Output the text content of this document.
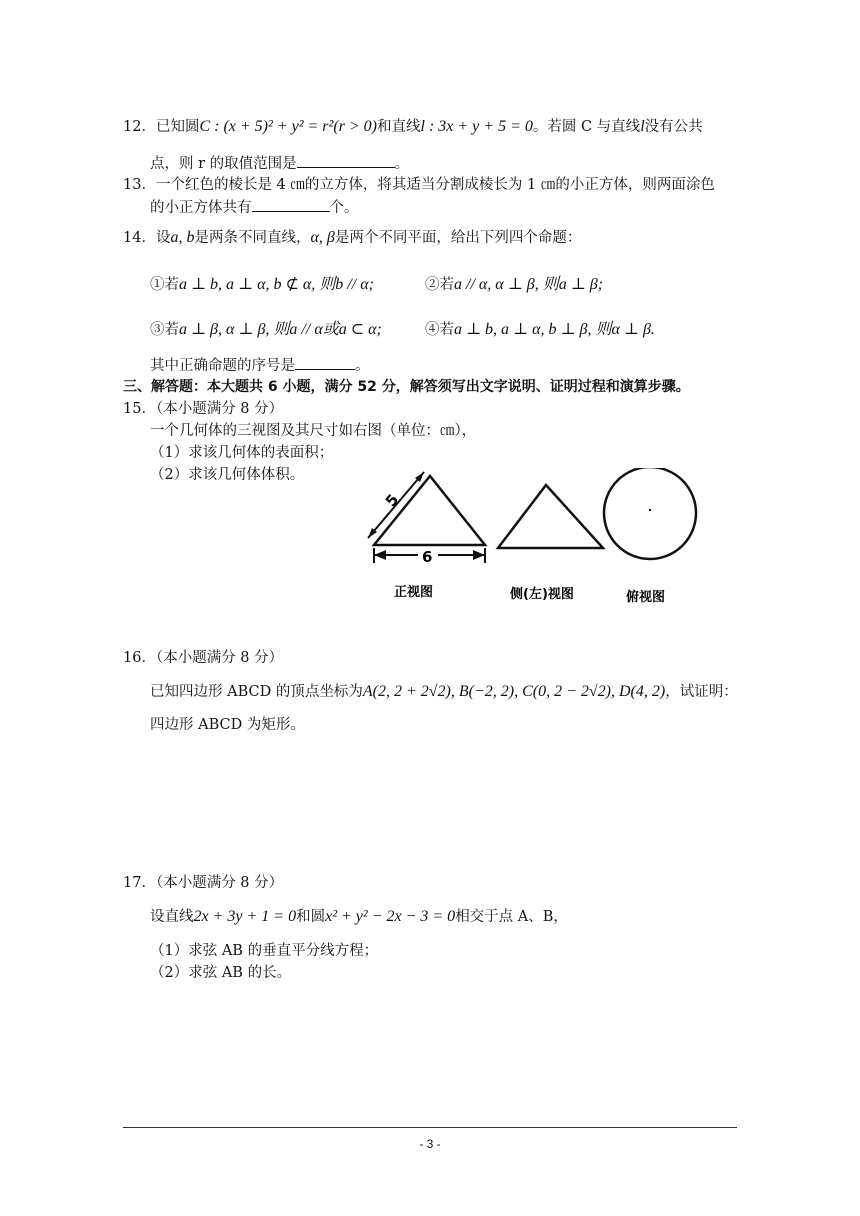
12．已知圆C : (x + 5)² + y² = r²(r > 0)和直线l : 3x + y + 5 = 0。若圆 C 与直线l没有公共
点，则 r 的取值范围是	。
13．一个红色的棱长是 4 ㎝的立方体，将其适当分割成棱长为 1 ㎝的小正方体，则两面涂色
的小正方体共有	个。
14．设a, b是两条不同直线，α, β是两个不同平面，给出下列四个命题：
①若a ⊥ b, a ⊥ α, b ⊄ α, 则b // α;	②若a // α, α ⊥ β, 则a ⊥ β;
③若a ⊥ β, α ⊥ β, 则a // α或a ⊂ α;	④若a ⊥ b, a ⊥ α, b ⊥ β, 则α ⊥ β.
其中正确命题的序号是	。
三、解答题：本大题共 6 小题，满分 52 分，解答须写出文字说明、证明过程和演算步骤。
15．（本小题满分 8 分）
一个几何体的三视图及其尺寸如右图（单位：㎝），
（1）求该几何体的表面积；
（2）求该几何体体积。
5
6
正视图	侧(左)视图	俯视图
16．（本小题满分 8 分）
已知四边形 ABCD 的顶点坐标为A(2, 2 + 2√2), B(−2, 2), C(0, 2 − 2√2), D(4, 2)，试证明：
四边形 ABCD 为矩形。
17．（本小题满分 8 分）
设直线2x + 3y + 1 = 0和圆x² + y² − 2x − 3 = 0相交于点 A、B，
（1）求弦 AB 的垂直平分线方程；
（2）求弦 AB 的长。
- 3 -
